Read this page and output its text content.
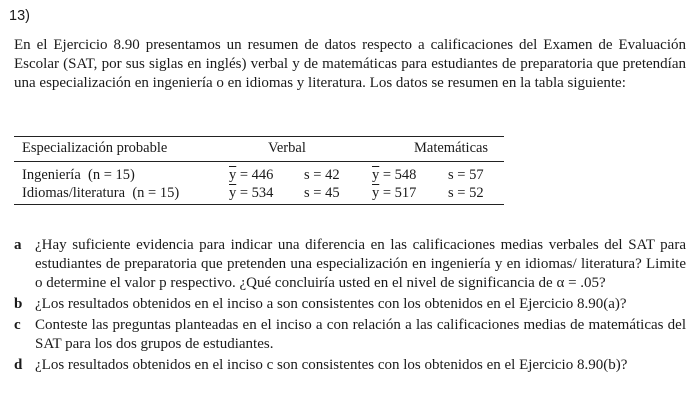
13)
En el Ejercicio 8.90 presentamos un resumen de datos respecto a calificaciones del Examen de Evaluación Escolar (SAT, por sus siglas en inglés) verbal y de matemáticas para estudiantes de preparatoria que pretendían una especialización en ingeniería o en idiomas y literatura. Los datos se resumen en la tabla siguiente:
Especialización probable	Verbal	Matemáticas
Ingeniería (n = 15)	$\overline{y} = 446$ s = 42 $\overline{y} = 548$ s = 57
Idiomas/literatura (n = 15)	$\overline{y} = 534$ s = 45 $\overline{y} = 517$ s = 52
a ¿Hay suficiente evidencia para indicar una diferencia en las calificaciones medias verbales del SAT para estudiantes de preparatoria que pretenden una especialización en ingeniería y en idiomas/ literatura? Limite o determine el valor p respectivo. ¿Qué concluiría usted en el nivel de significancia de α = .05?
b ¿Los resultados obtenidos en el inciso a son consistentes con los obtenidos en el Ejercicio 8.90(a)?
c Conteste las preguntas planteadas en el inciso a con relación a las calificaciones medias de matemáticas del SAT para los dos grupos de estudiantes.
d ¿Los resultados obtenidos en el inciso c son consistentes con los obtenidos en el Ejercicio 8.90(b)?
